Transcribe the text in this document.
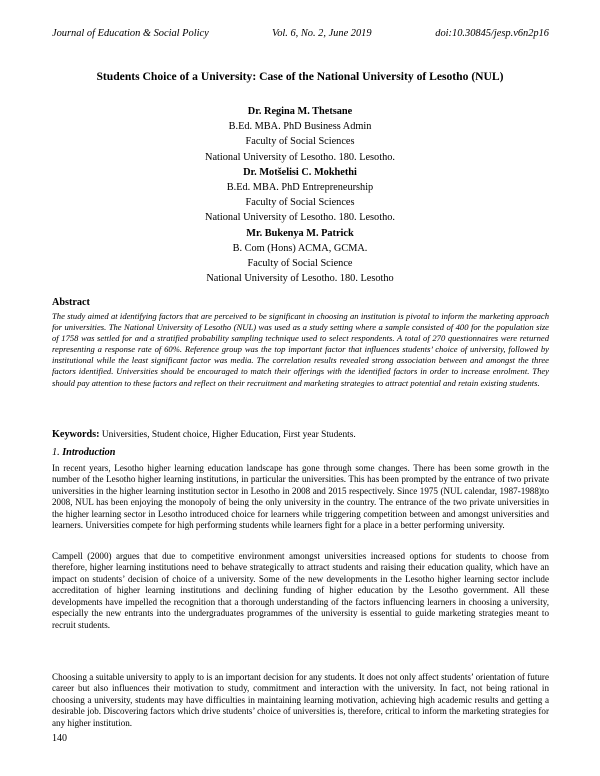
Journal of Education & Social Policy	Vol. 6, No. 2, June 2019	doi:10.30845/jesp.v6n2p16
Students Choice of a University: Case of the National University of Lesotho (NUL)
Dr. Regina M. Thetsane
B.Ed. MBA. PhD Business Admin
Faculty of Social Sciences
National University of Lesotho. 180. Lesotho.
Dr. Motšelisi C. Mokhethi
B.Ed. MBA. PhD Entrepreneurship
Faculty of Social Sciences
National University of Lesotho. 180. Lesotho.
Mr. Bukenya M. Patrick
B. Com (Hons) ACMA, GCMA.
Faculty of Social Science
National University of Lesotho. 180. Lesotho
Abstract
The study aimed at identifying factors that are perceived to be significant in choosing an institution is pivotal to inform the marketing approach for universities. The National University of Lesotho (NUL) was used as a study setting where a sample consisted of 400 for the population size of 1758 was settled for and a stratified probability sampling technique used to select respondents. A total of 270 questionnaires were returned representing a response rate of 60%. Reference group was the top important factor that influences students’ choice of university, followed by institutional while the least significant factor was media. The correlation results revealed strong association between and amongst the three factors identified. Universities should be encouraged to match their offerings with the identified factors in order to increase enrolment. They should pay attention to these factors and reflect on their recruitment and marketing strategies to attract potential and retain existing students.
Keywords: Universities, Student choice, Higher Education, First year Students.
1. Introduction

In recent years, Lesotho higher learning education landscape has gone through some changes. There has been some growth in the number of the Lesotho higher learning institutions, in particular the universities. This has been prompted by the entrance of two private universities in the higher learning institution sector in Lesotho in 2008 and 2015 respectively. Since 1975 (NUL calendar, 1987-1988)to 2008, NUL has been enjoying the monopoly of being the only university in the country. The entrance of the two private universities in the higher learning sector in Lesotho introduced choice for learners while triggering competition between and amongst universities and learners. Universities compete for high performing students while learners fight for a place in a better performing university.

Campell (2000) argues that due to competitive environment amongst universities increased options for students to choose from therefore, higher learning institutions need to behave strategically to attract students and raising their education quality, which have an impact on students’ decision of choice of a university. Some of the new developments in the Lesotho higher learning sector include accreditation of higher learning institutions and declining funding of higher education by the Lesotho government. All these developments have impelled the recognition that a thorough understanding of the factors influencing learners in choosing a university, especially the new entrants into the undergraduates programmes of the university is essential to guide marketing strategies meant to recruit students.

Choosing a suitable university to apply to is an important decision for any students. It does not only affect students’ orientation of future career but also influences their motivation to study, commitment and interaction with the university. In fact, not being rational in choosing a university, students may have difficulties in maintaining learning motivation, achieving high academic results and getting a desirable job. Discovering factors which drive students’ choice of universities is, therefore, critical to inform the marketing strategies for any higher institution.

140
